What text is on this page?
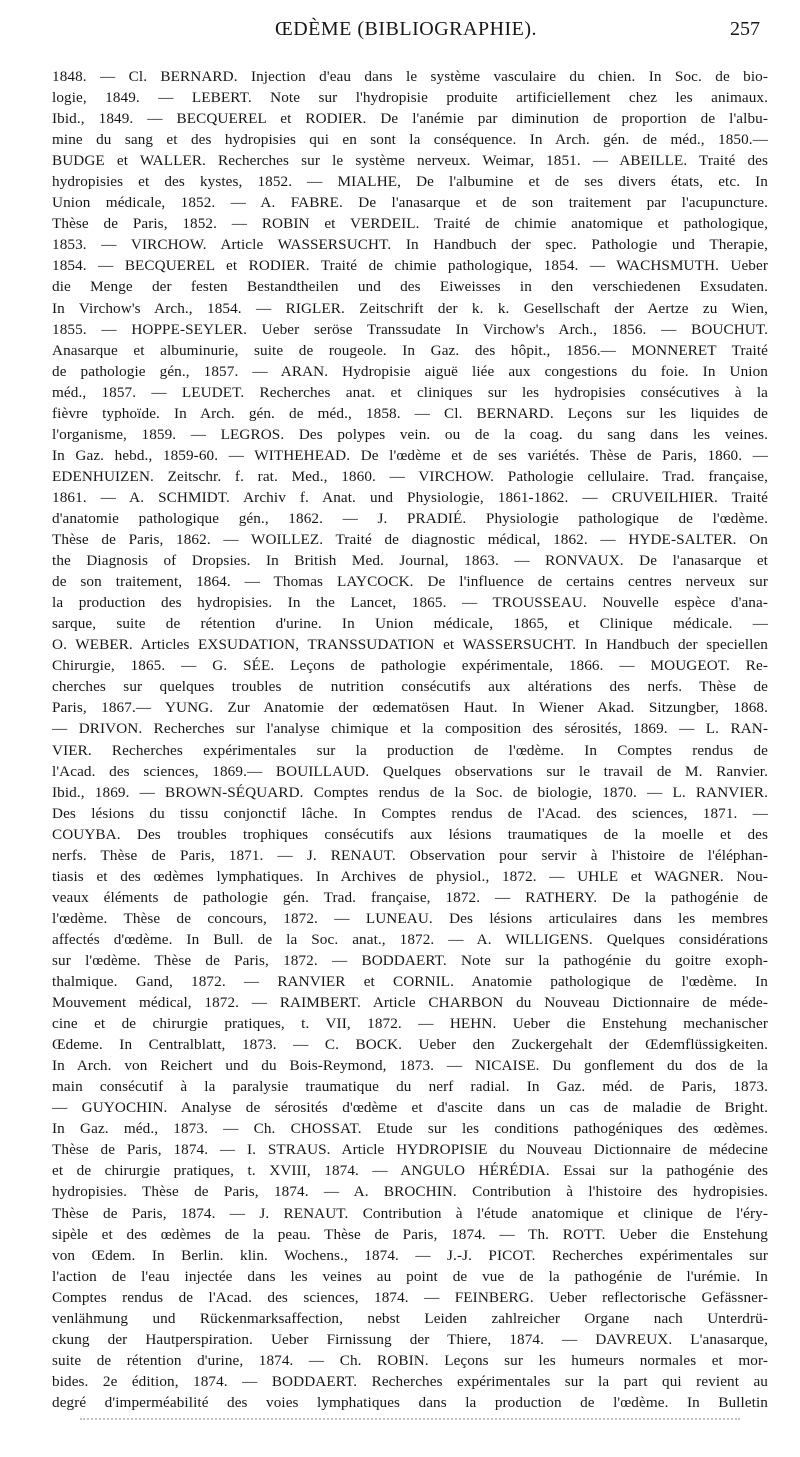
ŒDÈME (BIBLIOGRAPHIE).	257
1848. — Cl. BERNARD. Injection d'eau dans le système vasculaire du chien. In Soc. de bio-
logie, 1849. — LEBERT. Note sur l'hydropisie produite artificiellement chez les animaux.
Ibid., 1849. — BECQUEREL et RODIER. De l'anémie par diminution de proportion de l'albu-
mine du sang et des hydropisies qui en sont la conséquence. In Arch. gén. de méd., 1850.—
BUDGE et WALLER. Recherches sur le système nerveux. Weimar, 1851. — ABEILLE. Traité des
hydropisies et des kystes, 1852. — MIALHE, De l'albumine et de ses divers états, etc. In
Union médicale, 1852. — A. FABRE. De l'anasarque et de son traitement par l'acupuncture.
Thèse de Paris, 1852. — ROBIN et VERDEIL. Traité de chimie anatomique et pathologique,
1853. — VIRCHOW. Article WASSERSUCHT. In Handbuch der spec. Pathologie und Therapie,
1854. — BECQUEREL et RODIER. Traité de chimie pathologique, 1854. — WACHSMUTH. Ueber
die Menge der festen Bestandtheilen und des Eiweisses in den verschiedenen Exsudaten.
In Virchow's Arch., 1854. — RIGLER. Zeitschrift der k. k. Gesellschaft der Aertze zu Wien,
1855. — HOPPE-SEYLER. Ueber seröse Transsudate In Virchow's Arch., 1856. — BOUCHUT.
Anasarque et albuminurie, suite de rougeole. In Gaz. des hôpit., 1856.— MONNERET Traité
de pathologie gén., 1857. — ARAN. Hydropisie aiguë liée aux congestions du foie. In Union
méd., 1857. — LEUDET. Recherches anat. et cliniques sur les hydropisies consécutives à la
fièvre typhoïde. In Arch. gén. de méd., 1858. — Cl. BERNARD. Leçons sur les liquides de
l'organisme, 1859. — LEGROS. Des polypes vein. ou de la coag. du sang dans les veines.
In Gaz. hebd., 1859-60. — WITHEHEAD. De l'œdème et de ses variétés. Thèse de Paris, 1860. —
EDENHUIZEN. Zeitschr. f. rat. Med., 1860. — VIRCHOW. Pathologie cellulaire. Trad. française,
1861. — A. SCHMIDT. Archiv f. Anat. und Physiologie, 1861-1862. — CRUVEILHIER. Traité
d'anatomie pathologique gén., 1862. — J. PRADIÉ. Physiologie pathologique de l'œdème.
Thèse de Paris, 1862. — WOILLEZ. Traité de diagnostic médical, 1862. — HYDE-SALTER. On
the Diagnosis of Dropsies. In British Med. Journal, 1863. — RONVAUX. De l'anasarque et
de son traitement, 1864. — Thomas LAYCOCK. De l'influence de certains centres nerveux sur
la production des hydropisies. In the Lancet, 1865. — TROUSSEAU. Nouvelle espèce d'ana-
sarque, suite de rétention d'urine. In Union médicale, 1865, et Clinique médicale. —
O. WEBER. Articles EXSUDATION, TRANSSUDATION et WASSERSUCHT. In Handbuch der speciellen
Chirurgie, 1865. — G. SÉE. Leçons de pathologie expérimentale, 1866. — MOUGEOT. Re-
cherches sur quelques troubles de nutrition consécutifs aux altérations des nerfs. Thèse de
Paris, 1867.— YUNG. Zur Anatomie der œdematösen Haut. In Wiener Akad. Sitzungber, 1868.
— DRIVON. Recherches sur l'analyse chimique et la composition des sérosités, 1869. — L. RAN-
VIER. Recherches expérimentales sur la production de l'œdème. In Comptes rendus de
l'Acad. des sciences, 1869.— BOUILLAUD. Quelques observations sur le travail de M. Ranvier.
Ibid., 1869. — BROWN-SÉQUARD. Comptes rendus de la Soc. de biologie, 1870. — L. RANVIER.
Des lésions du tissu conjonctif lâche. In Comptes rendus de l'Acad. des sciences, 1871. —
COUYBA. Des troubles trophiques consécutifs aux lésions traumatiques de la moelle et des
nerfs. Thèse de Paris, 1871. — J. RENAUT. Observation pour servir à l'histoire de l'éléphan-
tiasis et des œdèmes lymphatiques. In Archives de physiol., 1872. — UHLE et WAGNER. Nou-
veaux éléments de pathologie gén. Trad. française, 1872. — RATHERY. De la pathogénie de
l'œdème. Thèse de concours, 1872. — LUNEAU. Des lésions articulaires dans les membres
affectés d'œdème. In Bull. de la Soc. anat., 1872. — A. WILLIGENS. Quelques considérations
sur l'œdème. Thèse de Paris, 1872. — BODDAERT. Note sur la pathogénie du goitre exoph-
thalmique. Gand, 1872. — RANVIER et CORNIL. Anatomie pathologique de l'œdème. In
Mouvement médical, 1872. — RAIMBERT. Article CHARBON du Nouveau Dictionnaire de méde-
cine et de chirurgie pratiques, t. VII, 1872. — HEHN. Ueber die Enstehung mechanischer
Œdeme. In Centralblatt, 1873. — C. BOCK. Ueber den Zuckergehalt der Œdemflüssigkeiten.
In Arch. von Reichert und du Bois-Reymond, 1873. — NICAISE. Du gonflement du dos de la
main consécutif à la paralysie traumatique du nerf radial. In Gaz. méd. de Paris, 1873.
— GUYOCHIN. Analyse de sérosités d'œdème et d'ascite dans un cas de maladie de Bright.
In Gaz. méd., 1873. — Ch. CHOSSAT. Etude sur les conditions pathogéniques des œdèmes.
Thèse de Paris, 1874. — I. STRAUS. Article HYDROPISIE du Nouveau Dictionnaire de médecine
et de chirurgie pratiques, t. XVIII, 1874. — ANGULO HÉRÉDIA. Essai sur la pathogénie des
hydropisies. Thèse de Paris, 1874. — A. BROCHIN. Contribution à l'histoire des hydropisies.
Thèse de Paris, 1874. — J. RENAUT. Contribution à l'étude anatomique et clinique de l'éry-
sipèle et des œdèmes de la peau. Thèse de Paris, 1874. — Th. ROTT. Ueber die Enstehung
von Œdem. In Berlin. klin. Wochens., 1874. — J.-J. PICOT. Recherches expérimentales sur
l'action de l'eau injectée dans les veines au point de vue de la pathogénie de l'urémie. In
Comptes rendus de l'Acad. des sciences, 1874. — FEINBERG. Ueber reflectorische Gefässner-
venlähmung und Rückenmarksaffection, nebst Leiden zahlreicher Organe nach Unterdrü-
ckung der Hautperspiration. Ueber Firnissung der Thiere, 1874. — DAVREUX. L'anasarque,
suite de rétention d'urine, 1874. — Ch. ROBIN. Leçons sur les humeurs normales et mor-
bides. 2e édition, 1874. — BODDAERT. Recherches expérimentales sur la part qui revient au
degré d'imperméabilité des voies lymphatiques dans la production de l'œdème. In Bulletin
